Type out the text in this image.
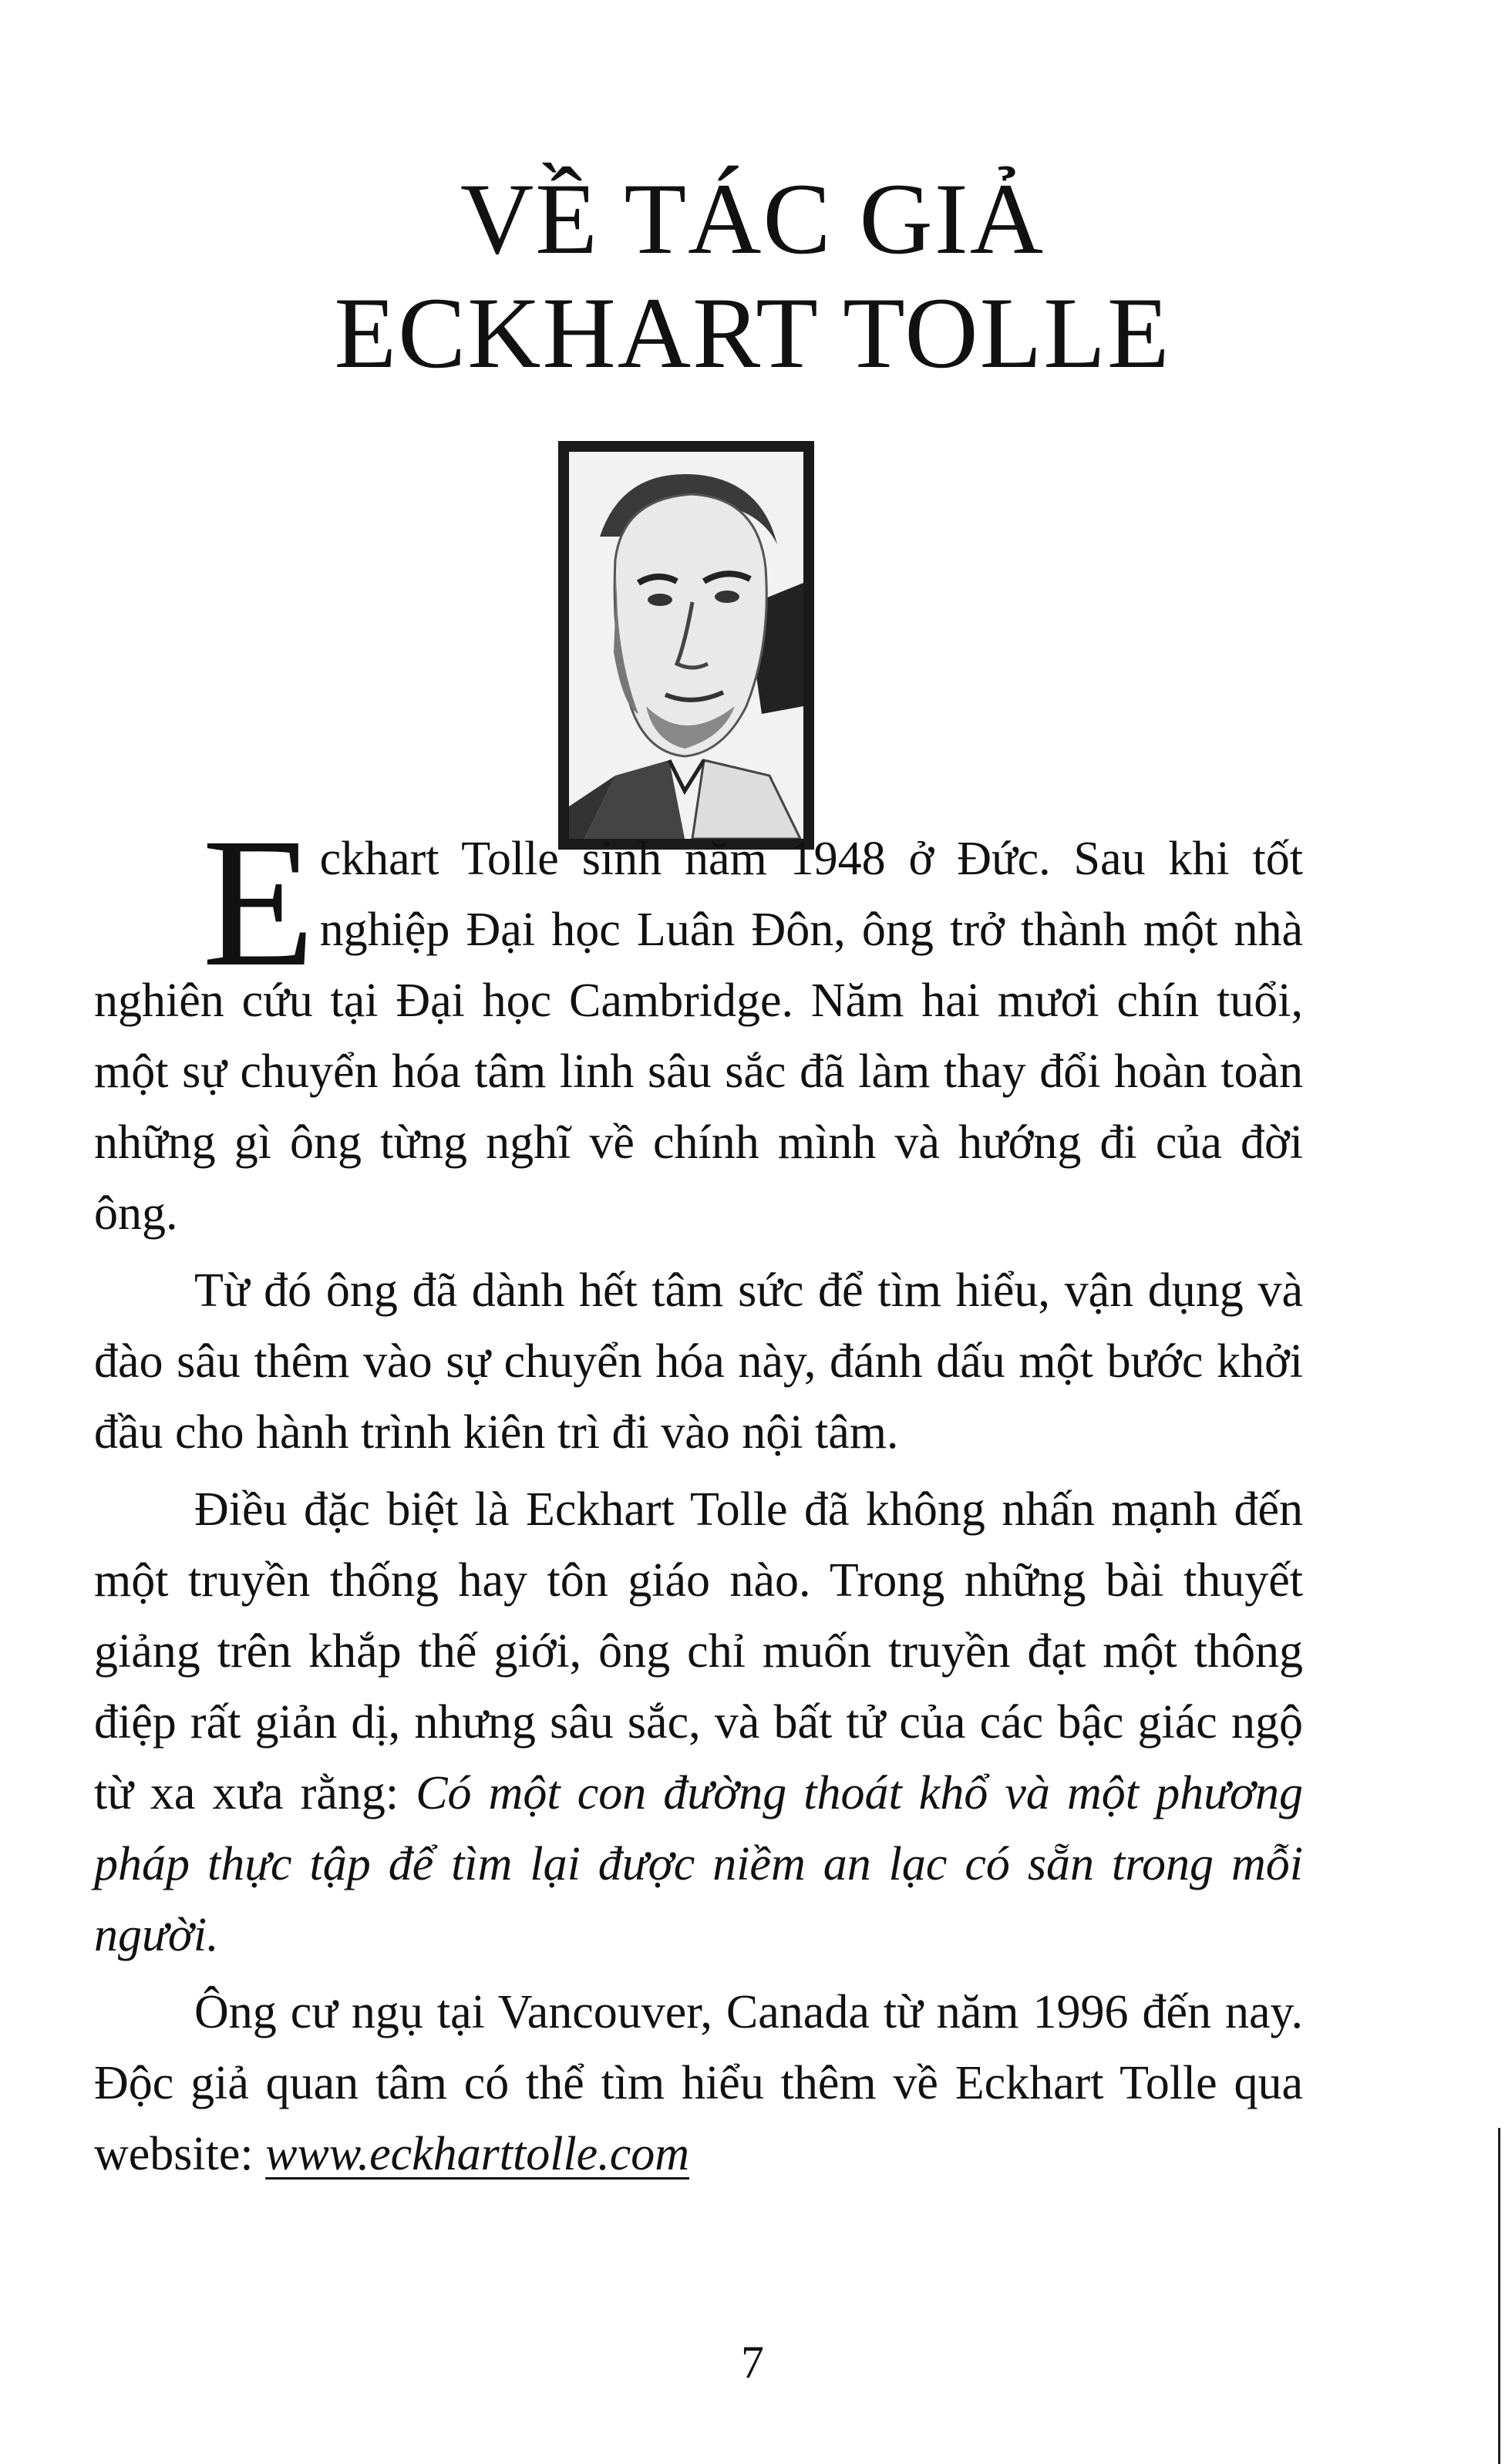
VỀ TÁC GIẢ
ECKHART TOLLE

Eckhart Tolle sinh năm 1948 ở Đức. Sau khi tốt nghiệp Đại học Luân Đôn, ông trở thành một nhà nghiên cứu tại Đại học Cambridge. Năm hai mươi chín tuổi, một sự chuyển hóa tâm linh sâu sắc đã làm thay đổi hoàn toàn những gì ông từng nghĩ về chính mình và hướng đi của đời ông.

Từ đó ông đã dành hết tâm sức để tìm hiểu, vận dụng và đào sâu thêm vào sự chuyển hóa này, đánh dấu một bước khởi đầu cho hành trình kiên trì đi vào nội tâm.

Điều đặc biệt là Eckhart Tolle đã không nhấn mạnh đến một truyền thống hay tôn giáo nào. Trong những bài thuyết giảng trên khắp thế giới, ông chỉ muốn truyền đạt một thông điệp rất giản dị, nhưng sâu sắc, và bất tử của các bậc giác ngộ từ xa xưa rằng: Có một con đường thoát khổ và một phương pháp thực tập để tìm lại được niềm an lạc có sẵn trong mỗi người.

Ông cư ngụ tại Vancouver, Canada từ năm 1996 đến nay. Độc giả quan tâm có thể tìm hiểu thêm về Eckhart Tolle qua website: www.eckharttolle.com

7
